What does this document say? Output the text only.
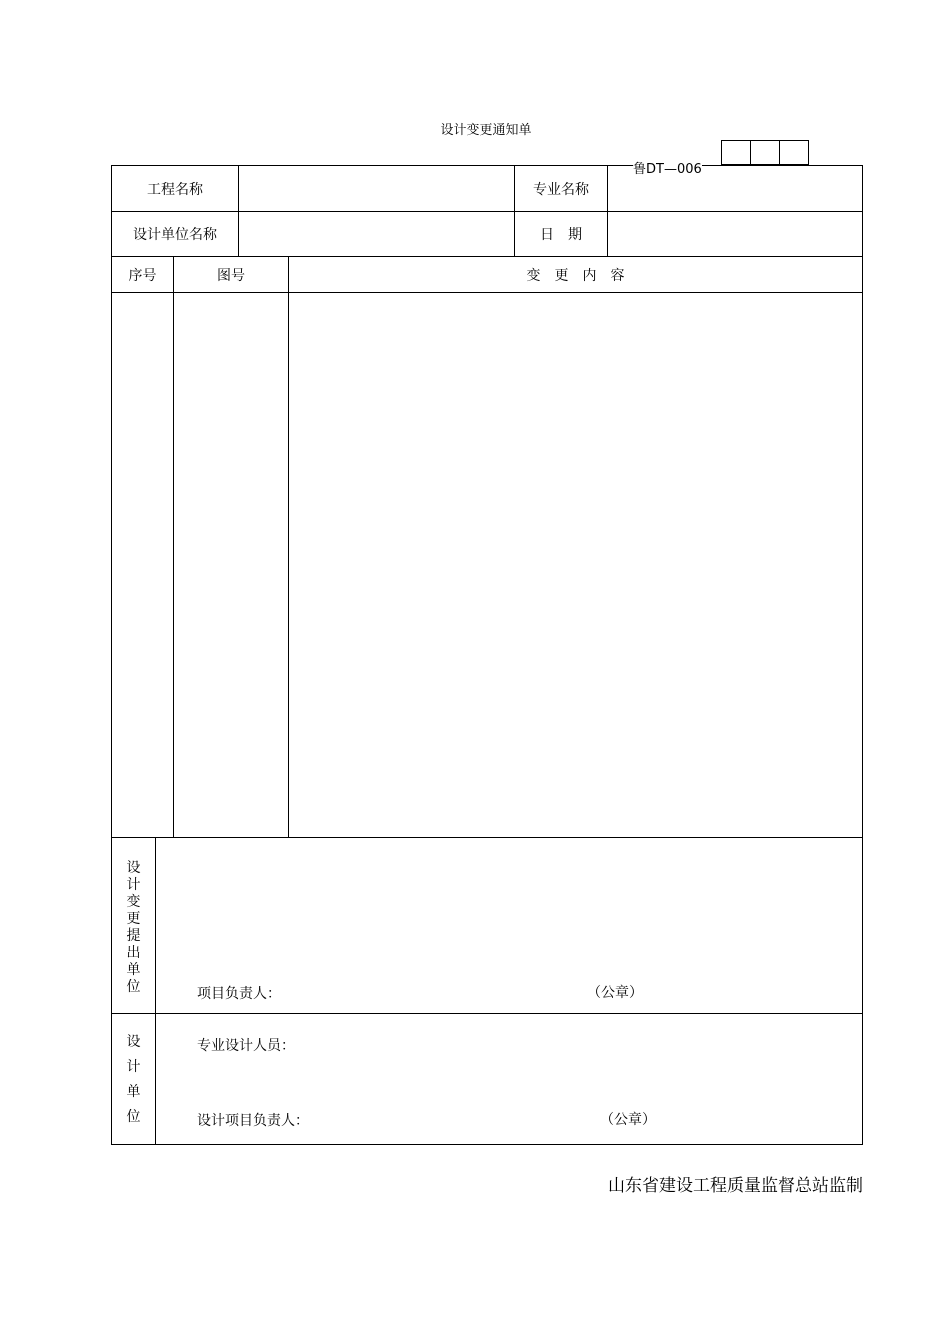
设计变更通知单
鲁DT—006
工程名称	专业名称
设计单位名称	日　期
序号	图号	变　更　内　容
设
计
变
更
提
出
单
位	项目负责人：	（公章）
设
计
单
位
专业设计人员：
设计项目负责人：	（公章）
山东省建设工程质量监督总站监制
